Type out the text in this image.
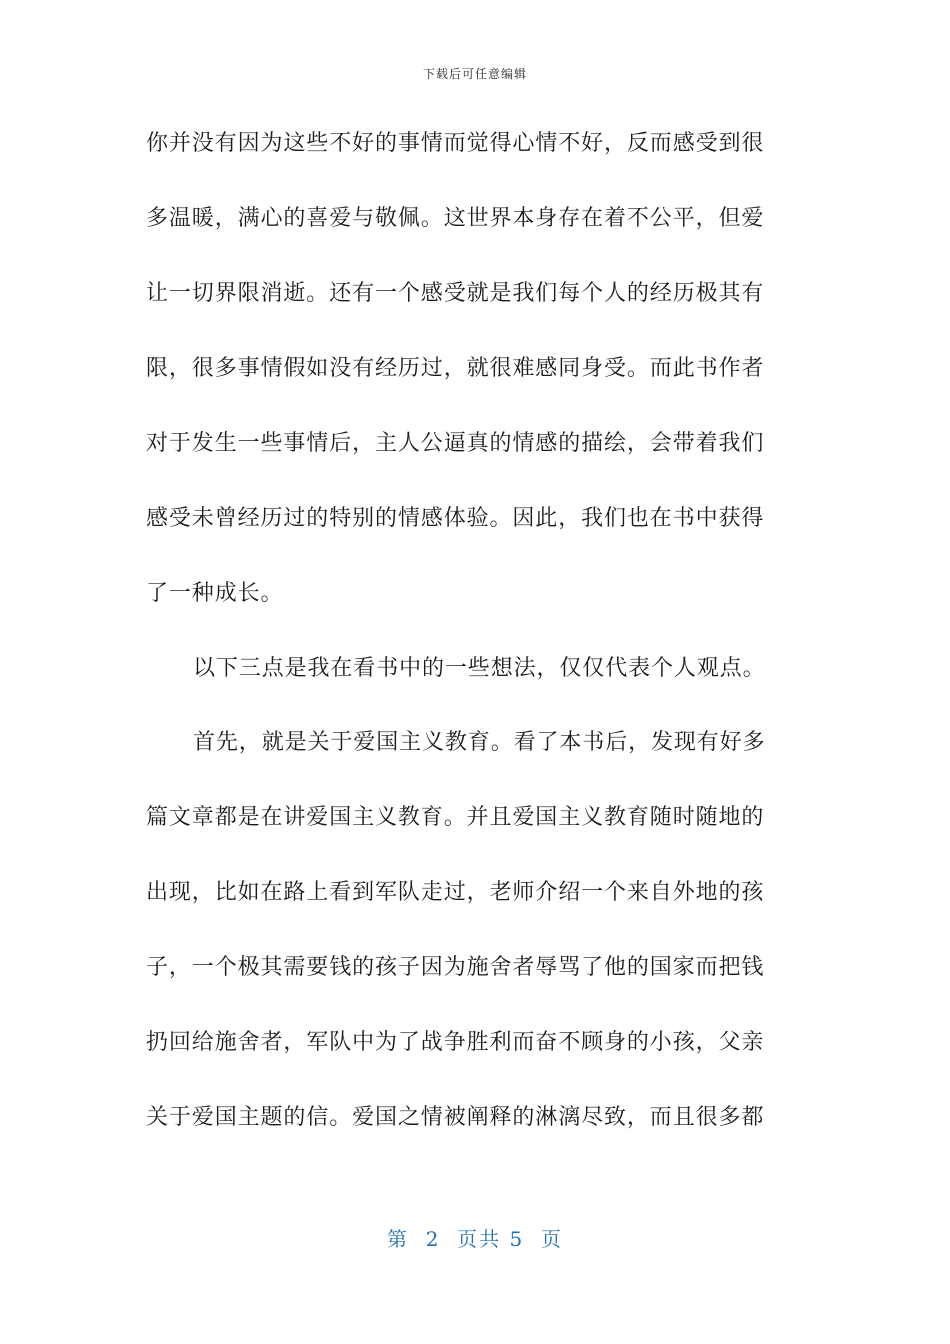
下载后可任意编辑
你并没有因为这些不好的事情而觉得心情不好，反而感受到很
多温暖，满心的喜爱与敬佩。这世界本身存在着不公平，但爱
让一切界限消逝。还有一个感受就是我们每个人的经历极其有
限，很多事情假如没有经历过，就很难感同身受。而此书作者
对于发生一些事情后，主人公逼真的情感的描绘，会带着我们
感受未曾经历过的特别的情感体验。因此，我们也在书中获得
了一种成长。
以下三点是我在看书中的一些想法，仅仅代表个人观点。
首先，就是关于爱国主义教育。看了本书后，发现有好多
篇文章都是在讲爱国主义教育。并且爱国主义教育随时随地的
出现，比如在路上看到军队走过，老师介绍一个来自外地的孩
子，一个极其需要钱的孩子因为施舍者辱骂了他的国家而把钱
扔回给施舍者，军队中为了战争胜利而奋不顾身的小孩，父亲
关于爱国主题的信。爱国之情被阐释的淋漓尽致，而且很多都
第  2  页共 5  页
